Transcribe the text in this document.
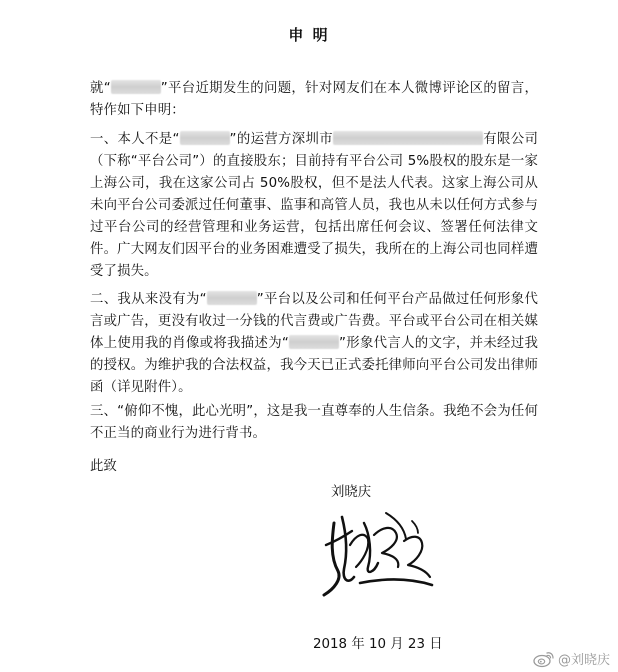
申 明
就“	”平台近期发生的问题，针对网友们在本人微博评论区的留言，特作如下申明：
一、本人不是“	”的运营方深圳市	有限公司（下称“平台公司”）的直接股东；目前持有平台公司 5%股权的股东是一家上海公司，我在这家公司占 50%股权，但不是法人代表。这家上海公司从未向平台公司委派过任何董事、监事和高管人员，我也从未以任何方式参与过平台公司的经营管理和业务运营，包括出席任何会议、签署任何法律文件。广大网友们因平台的业务困难遭受了损失，我所在的上海公司也同样遭受了损失。
二、我从来没有为“	”平台以及公司和任何平台产品做过任何形象代言或广告，更没有收过一分钱的代言费或广告费。平台或平台公司在相关媒体上使用我的肖像或将我描述为“	”形象代言人的文字，并未经过我的授权。为维护我的合法权益，我今天已正式委托律师向平台公司发出律师函（详见附件）。
三、“俯仰不愧，此心光明”，这是我一直尊奉的人生信条。我绝不会为任何不正当的商业行为进行背书。
此致
刘晓庆
2018 年 10 月 23 日
@刘晓庆
